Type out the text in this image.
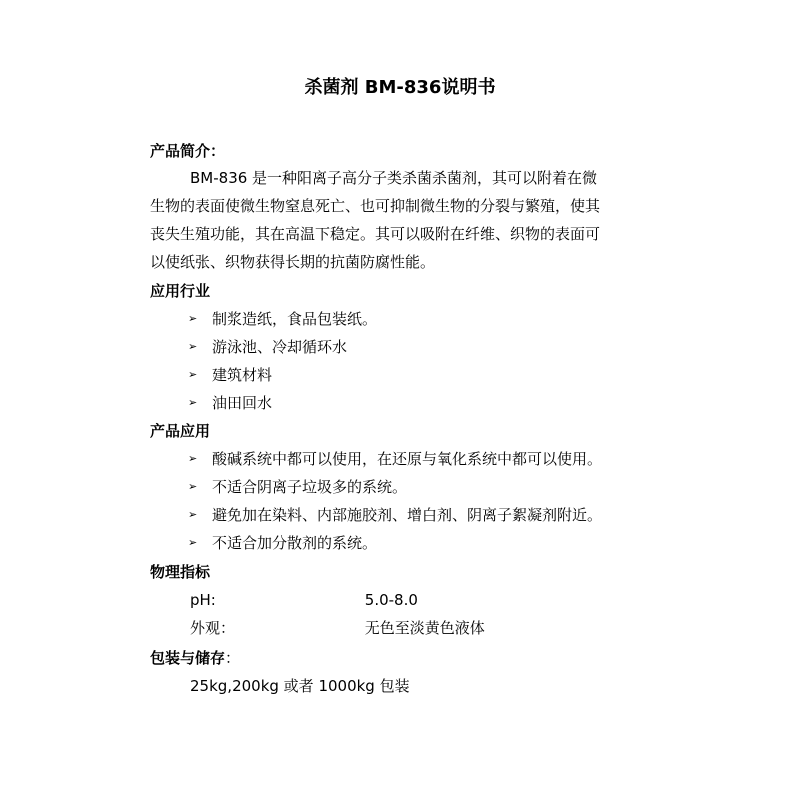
杀菌剂 BM-836说明书
产品简介：
BM-836 是一种阳离子高分子类杀菌杀菌剂，其可以附着在微
生物的表面使微生物窒息死亡、也可抑制微生物的分裂与繁殖，使其
丧失生殖功能，其在高温下稳定。其可以吸附在纤维、织物的表面可
以使纸张、织物获得长期的抗菌防腐性能。
应用行业
➢ 制浆造纸，食品包装纸。
➢ 游泳池、冷却循环水
➢ 建筑材料
➢ 油田回水
产品应用
➢ 酸碱系统中都可以使用，在还原与氧化系统中都可以使用。
➢ 不适合阴离子垃圾多的系统。
➢ 避免加在染料、内部施胶剂、增白剂、阴离子絮凝剂附近。
➢ 不适合加分散剂的系统。
物理指标
pH:	5.0-8.0
外观：	无色至淡黄色液体
包装与储存：
25kg,200kg 或者 1000kg 包装
